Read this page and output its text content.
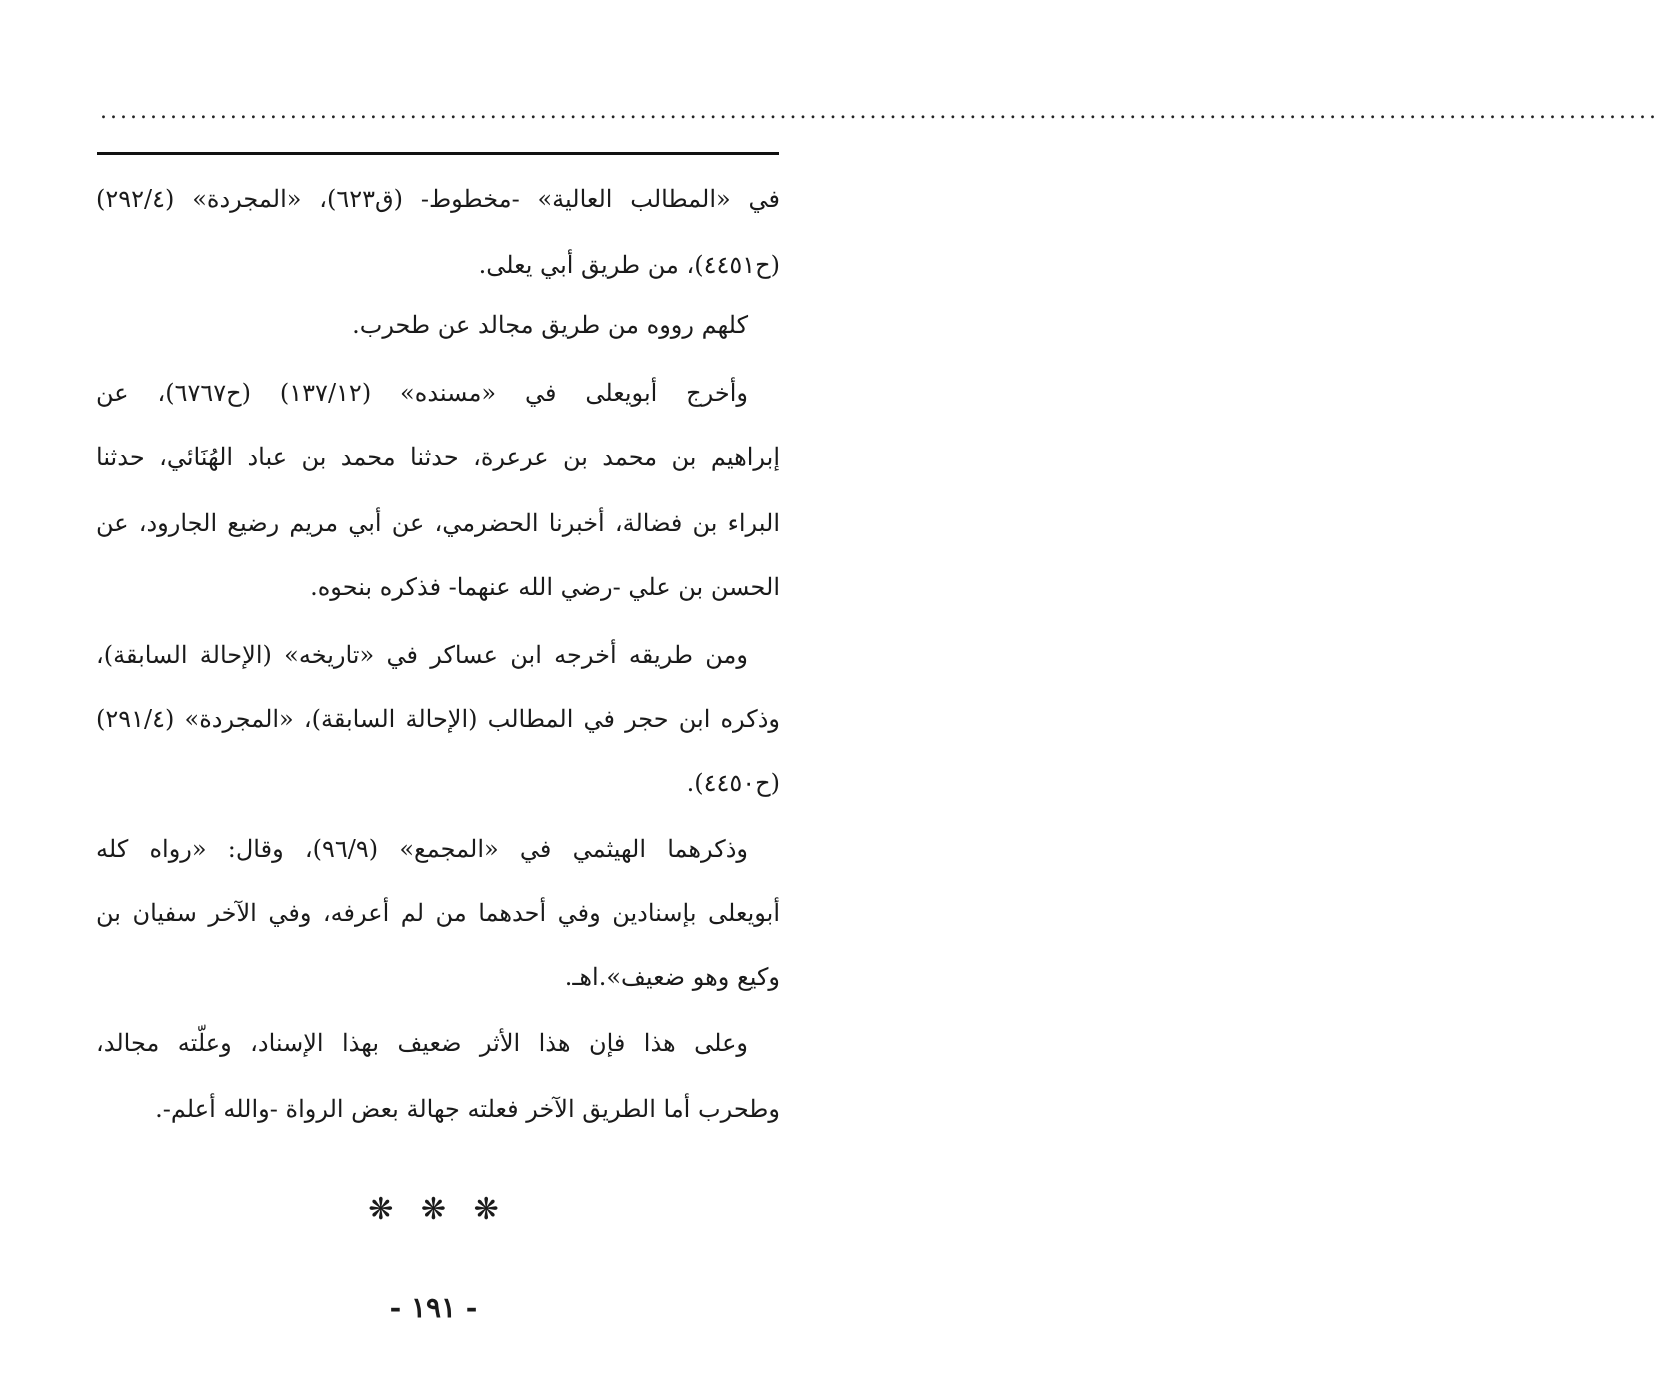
............................................................................................................................................................
في «المطالب العالية» -مخطوط- (ق٦٢٣)، «المجردة» (٢٩٢/٤)
(ح٤٤٥١)، من طريق أبي يعلى.
كلهم رووه من طريق مجالد عن طحرب.
وأخرج أبويعلى في «مسنده» (١٣٧/١٢) (ح٦٧٦٧)، عن
إبراهيم بن محمد بن عرعرة، حدثنا محمد بن عباد الهُنَائي، حدثنا
البراء بن فضالة، أخبرنا الحضرمي، عن أبي مريم رضيع الجارود، عن
الحسن بن علي -رضي الله عنهما- فذكره بنحوه.
ومن طريقه أخرجه ابن عساكر في «تاريخه» (الإحالة السابقة)،
وذكره ابن حجر في المطالب (الإحالة السابقة)، «المجردة» (٢٩١/٤)
(ح٤٤٥٠).
وذكرهما الهيثمي في «المجمع» (٩٦/٩)، وقال: «رواه كله
أبويعلى بإسنادين وفي أحدهما من لم أعرفه، وفي الآخر سفيان بن
وكيع وهو ضعيف».اهـ.
وعلى هذا فإن هذا الأثر ضعيف بهذا الإسناد، وعلّته مجالد،
وطحرب أما الطريق الآخر فعلته جهالة بعض الرواة -والله أعلم-.
❋ ❋ ❋
- ١٩١ -
